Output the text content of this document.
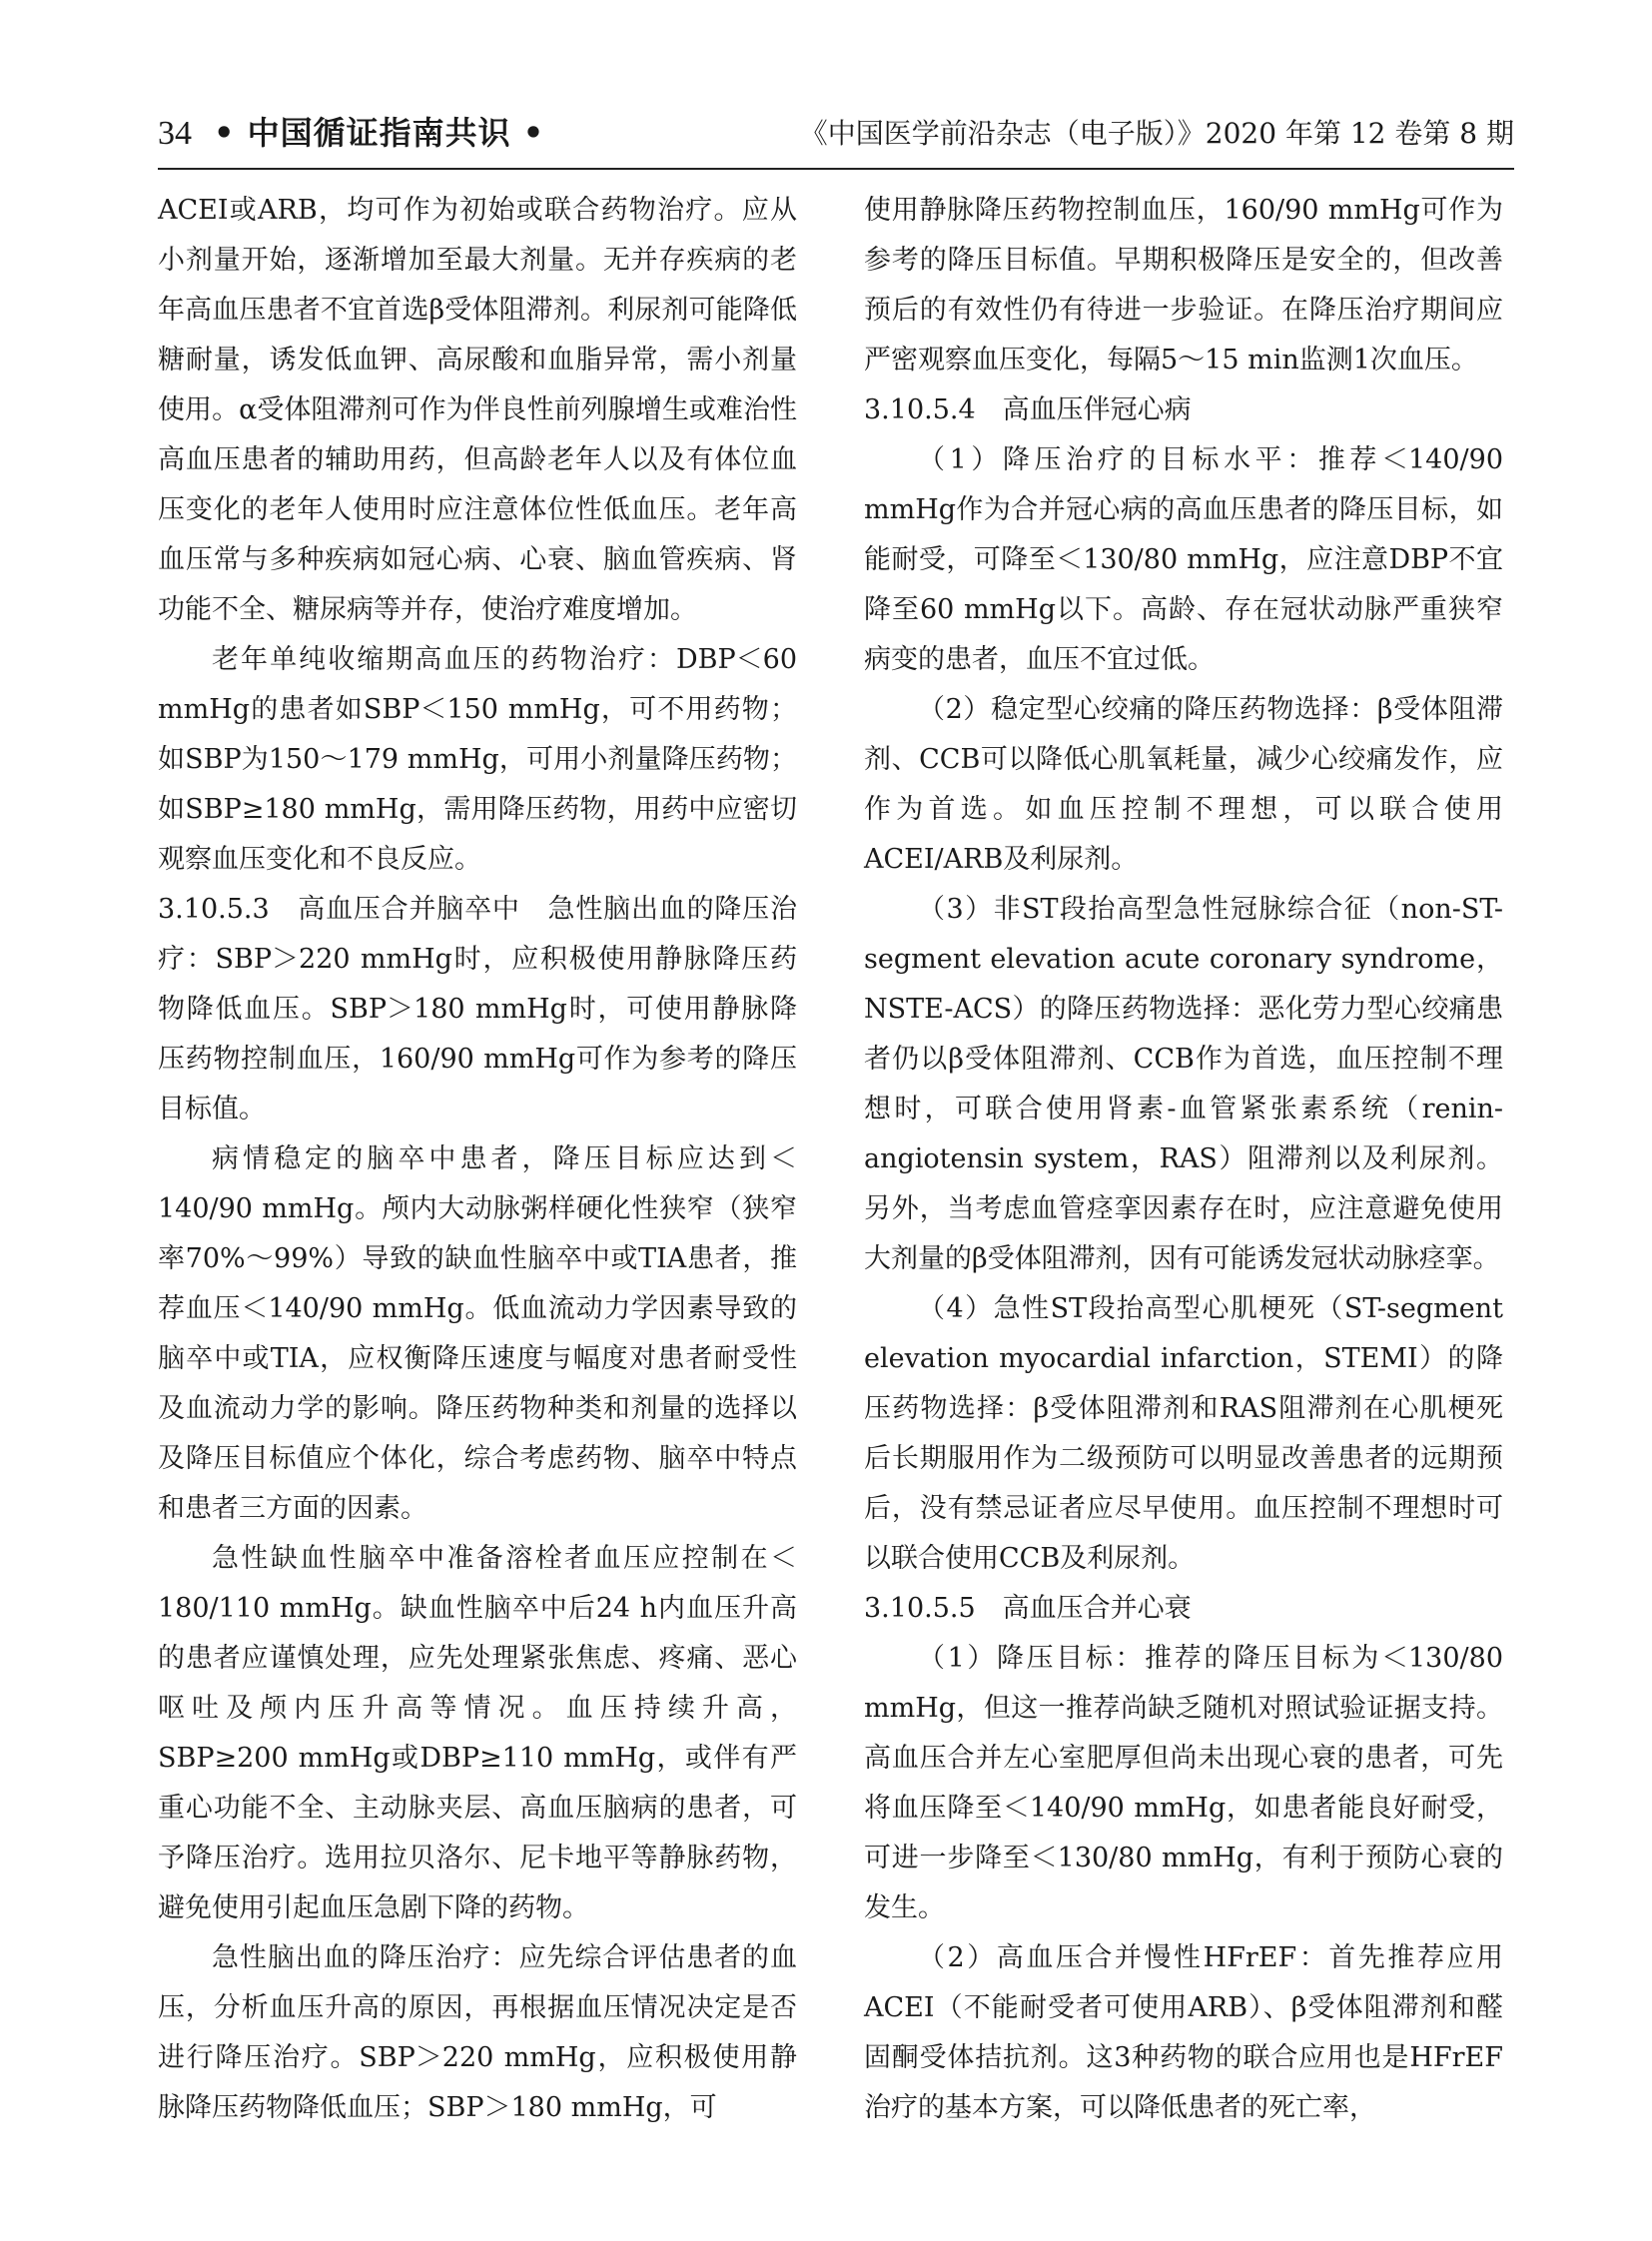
34 • 中国循证指南共识 •	《中国医学前沿杂志（电子版）》2020 年第 12 卷第 8 期

ACEI或ARB，均可作为初始或联合药物治疗。应从小剂量开始，逐渐增加至最大剂量。无并存疾病的老年高血压患者不宜首选β受体阻滞剂。利尿剂可能降低糖耐量，诱发低血钾、高尿酸和血脂异常，需小剂量使用。α受体阻滞剂可作为伴良性前列腺增生或难治性高血压患者的辅助用药，但高龄老年人以及有体位血压变化的老年人使用时应注意体位性低血压。老年高血压常与多种疾病如冠心病、心衰、脑血管疾病、肾功能不全、糖尿病等并存，使治疗难度增加。

老年单纯收缩期高血压的药物治疗：DBP＜60 mmHg的患者如SBP＜150 mmHg，可不用药物；如SBP为150～179 mmHg，可用小剂量降压药物；如SBP≥180 mmHg，需用降压药物，用药中应密切观察血压变化和不良反应。

3.10.5.3　高血压合并脑卒中　急性脑出血的降压治疗：SBP＞220 mmHg时，应积极使用静脉降压药物降低血压。SBP＞180 mmHg时，可使用静脉降压药物控制血压，160/90 mmHg可作为参考的降压目标值。

病情稳定的脑卒中患者，降压目标应达到＜140/90 mmHg。颅内大动脉粥样硬化性狭窄（狭窄率70%～99%）导致的缺血性脑卒中或TIA患者，推荐血压＜140/90 mmHg。低血流动力学因素导致的脑卒中或TIA，应权衡降压速度与幅度对患者耐受性及血流动力学的影响。降压药物种类和剂量的选择以及降压目标值应个体化，综合考虑药物、脑卒中特点和患者三方面的因素。

急性缺血性脑卒中准备溶栓者血压应控制在＜180/110 mmHg。缺血性脑卒中后24 h内血压升高的患者应谨慎处理，应先处理紧张焦虑、疼痛、恶心呕吐及颅内压升高等情况。血压持续升高，SBP≥200 mmHg或DBP≥110 mmHg，或伴有严重心功能不全、主动脉夹层、高血压脑病的患者，可予降压治疗。选用拉贝洛尔、尼卡地平等静脉药物，避免使用引起血压急剧下降的药物。

急性脑出血的降压治疗：应先综合评估患者的血压，分析血压升高的原因，再根据血压情况决定是否进行降压治疗。SBP＞220 mmHg，应积极使用静脉降压药物降低血压；SBP＞180 mmHg，可

使用静脉降压药物控制血压，160/90 mmHg可作为参考的降压目标值。早期积极降压是安全的，但改善预后的有效性仍有待进一步验证。在降压治疗期间应严密观察血压变化，每隔5～15 min监测1次血压。

3.10.5.4　高血压伴冠心病

（1）降压治疗的目标水平：推荐＜140/90 mmHg作为合并冠心病的高血压患者的降压目标，如能耐受，可降至＜130/80 mmHg，应注意DBP不宜降至60 mmHg以下。高龄、存在冠状动脉严重狭窄病变的患者，血压不宜过低。

（2）稳定型心绞痛的降压药物选择：β受体阻滞剂、CCB可以降低心肌氧耗量，减少心绞痛发作，应作为首选。如血压控制不理想，可以联合使用ACEI/ARB及利尿剂。

（3）非ST段抬高型急性冠脉综合征（non-ST-segment elevation acute coronary syndrome，NSTE-ACS）的降压药物选择：恶化劳力型心绞痛患者仍以β受体阻滞剂、CCB作为首选，血压控制不理想时，可联合使用肾素-血管紧张素系统（renin-angiotensin system，RAS）阻滞剂以及利尿剂。另外，当考虑血管痉挛因素存在时，应注意避免使用大剂量的β受体阻滞剂，因有可能诱发冠状动脉痉挛。

（4）急性ST段抬高型心肌梗死（ST-segment elevation myocardial infarction，STEMI）的降压药物选择：β受体阻滞剂和RAS阻滞剂在心肌梗死后长期服用作为二级预防可以明显改善患者的远期预后，没有禁忌证者应尽早使用。血压控制不理想时可以联合使用CCB及利尿剂。

3.10.5.5　高血压合并心衰

（1）降压目标：推荐的降压目标为＜130/80 mmHg，但这一推荐尚缺乏随机对照试验证据支持。高血压合并左心室肥厚但尚未出现心衰的患者，可先将血压降至＜140/90 mmHg，如患者能良好耐受，可进一步降至＜130/80 mmHg，有利于预防心衰的发生。

（2）高血压合并慢性HFrEF：首先推荐应用ACEI（不能耐受者可使用ARB）、β受体阻滞剂和醛固酮受体拮抗剂。这3种药物的联合应用也是HFrEF治疗的基本方案，可以降低患者的死亡率，
